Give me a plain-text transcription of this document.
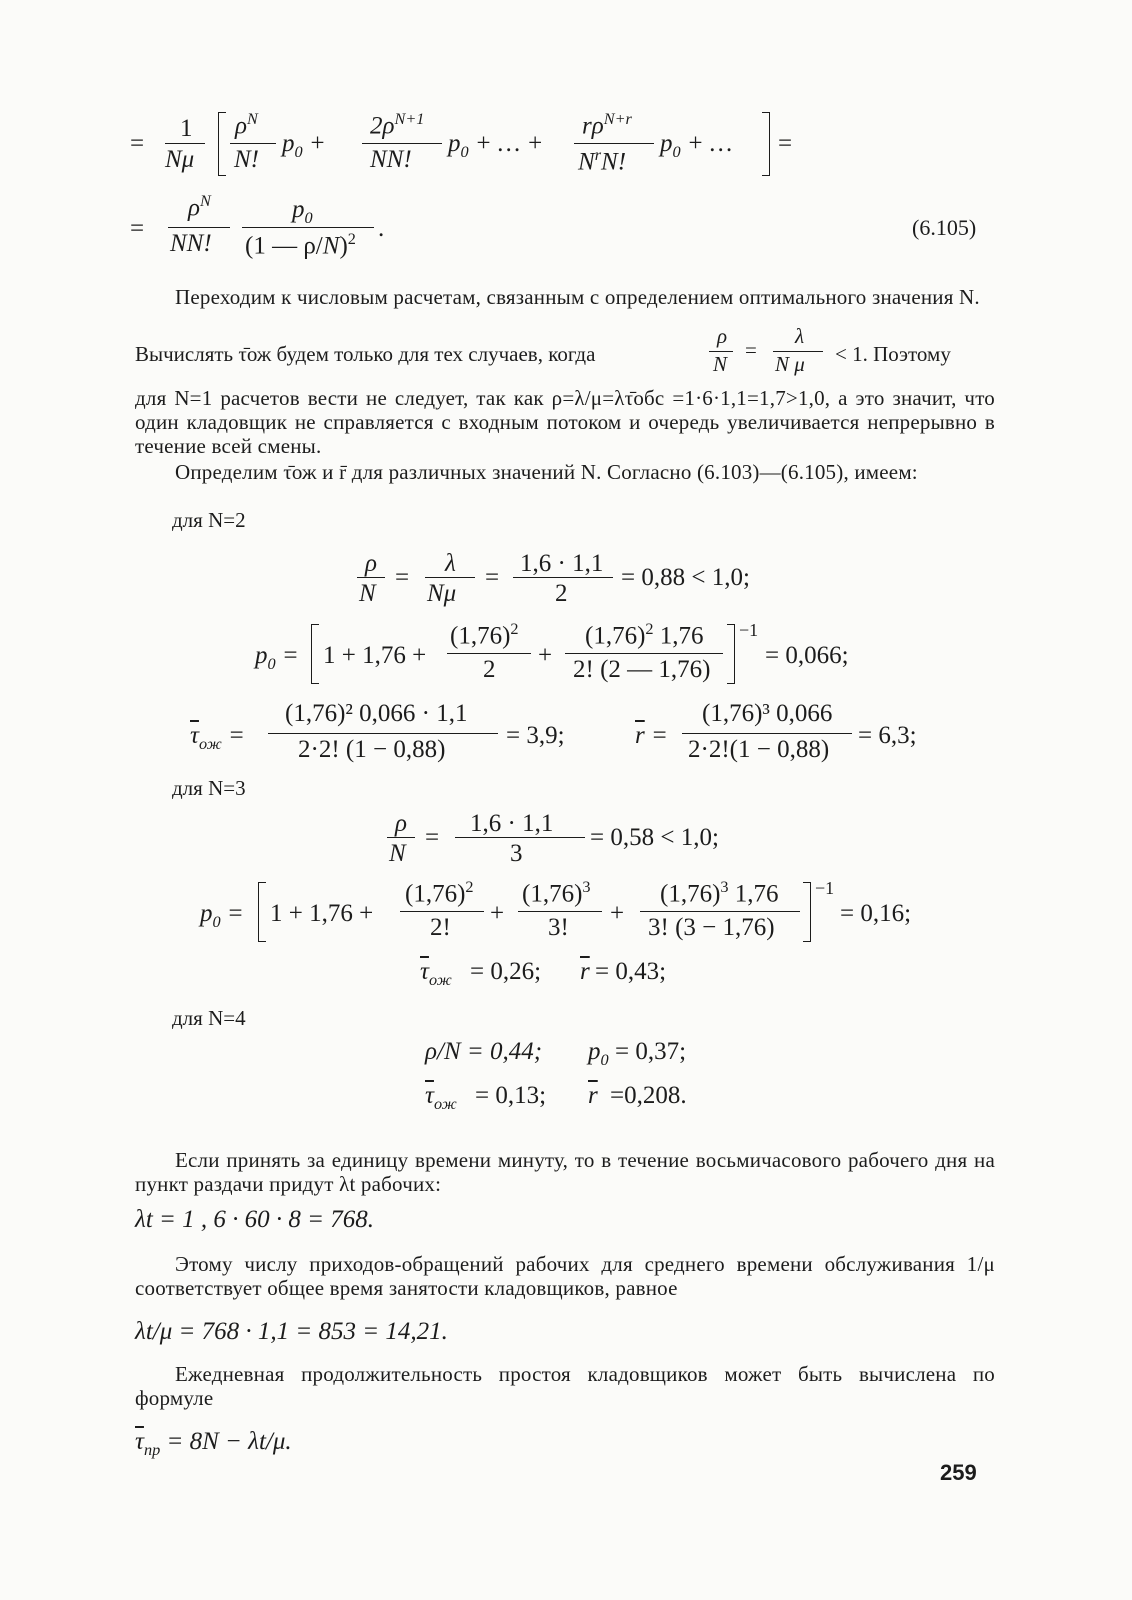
=
1
Nμ
$\rho^N$
N!
$p_0$ +
$2\rho^{N+1}$
NN!
$p_0$ + … +
$r\rho^{N+r}$
$N^rN$!
$p_0$ + … =
=
$\rho^N$
NN!
$p_0$
(1 — ρ/N)$^2$ .	(6.105)
Переходим к числовым расчетам, связанным с определением оптимального значения N.
Вычислять τ̄ож будем только для тех случаев, когда
ρ
N
=
λ
N μ < 1. Поэтому
для N=1 расчетов вести не следует, так как ρ=λ/μ=λτ̄обс =1·6·1,1=1,7>1,0, а это значит, что один кладовщик не справляется с входным потоком и очередь увеличивается непрерывно в течение всей смены.
Определим τ̄ож и r̄ для различных значений N. Согласно (6.103)—(6.105), имеем:
для N=2
ρ
N
=
λ
Nμ
=
1,6 · 1,1
2
= 0,88 < 1,0;
$p_0 = 1 + 1,76$ +
$(1,76)^2$
2
+
$(1,76)^2$ 1,76
2! (2 — 1,76)
−1
= 0,066;
$\overline{\tau}_{ож}$ =
(1,76)² 0,066 · 1,1
2·2! (1 − 0,88)
= 3,9;	$\overline{r}$ =
(1,76)³ 0,066
2·2!(1 − 0,88)
= 6,3;
для N=3
ρ
N
=
1,6 · 1,1
3
= 0,58 < 1,0;
$p_0 = 1 + 1,76$ +
$(1,76)^2$
2!
+
$(1,76)^3$
3!
+
$(1,76)^3$ 1,76
3! (3 − 1,76)
−1
= 0,16;
$\overline{\tau}_{ож} = 0,26$; $\overline{r} = 0,43$;
для N=4
ρ/N = 0,44; $p_0 = 0,37$;
$\overline{\tau}_{ож} = 0,13$; $\overline{r} =0,208$.
Если принять за единицу времени минуту, то в течение восьмичасового рабочего дня на пункт раздачи придут λt рабочих:
λt = 1 , 6 · 60 · 8 = 768.
Этому числу приходов-обращений рабочих для среднего времени обслуживания 1/μ соответствует общее время занятости кладовщиков, равное
λt/μ = 768 · 1,1 = 853 = 14,21.
Ежедневная продолжительность простоя кладовщиков может быть вычислена по формуле
$\overline{\tau}_{пр} = 8N - \lambda t/\mu$.
259
